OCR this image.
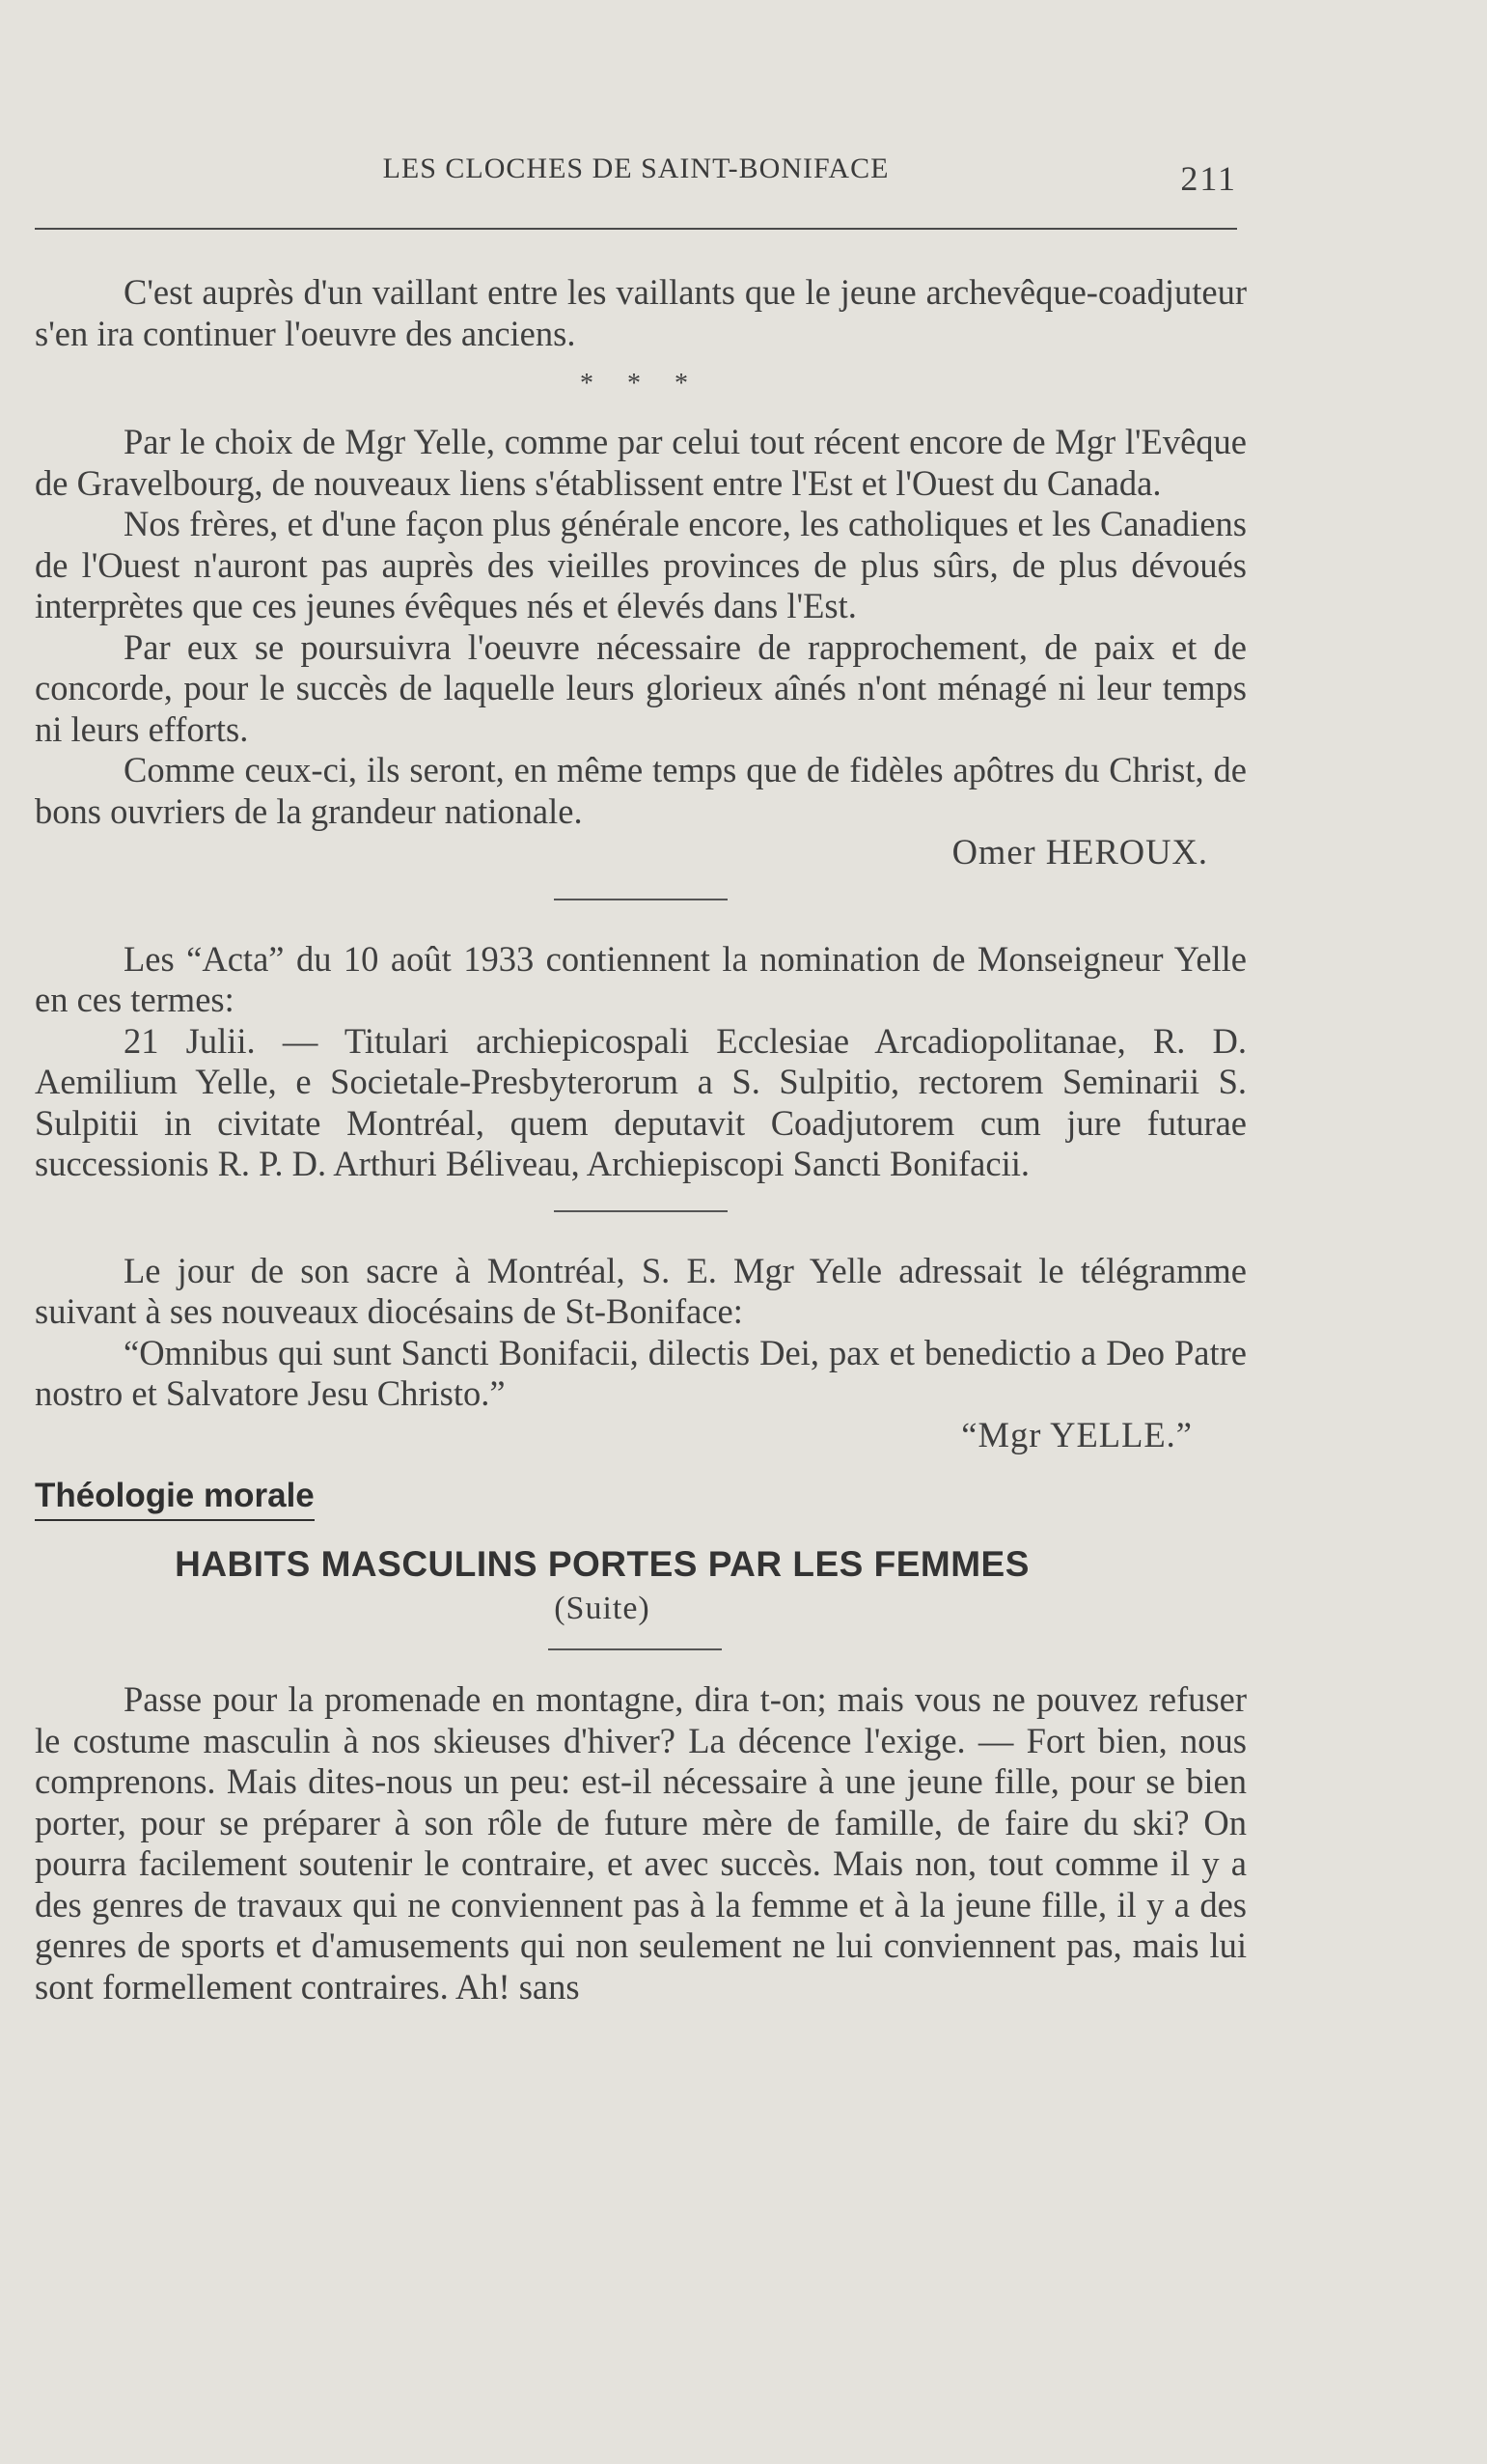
LES CLOCHES DE SAINT-BONIFACE	211

C'est auprès d'un vaillant entre les vaillants que le jeune archevêque-coadjuteur s'en ira continuer l'oeuvre des anciens.

* * *

Par le choix de Mgr Yelle, comme par celui tout récent encore de Mgr l'Evêque de Gravelbourg, de nouveaux liens s'établissent entre l'Est et l'Ouest du Canada.

Nos frères, et d'une façon plus générale encore, les catholiques et les Canadiens de l'Ouest n'auront pas auprès des vieilles provinces de plus sûrs, de plus dévoués interprètes que ces jeunes évêques nés et élevés dans l'Est.

Par eux se poursuivra l'oeuvre nécessaire de rapprochement, de paix et de concorde, pour le succès de laquelle leurs glorieux aînés n'ont ménagé ni leur temps ni leurs efforts.

Comme ceux-ci, ils seront, en même temps que de fidèles apôtres du Christ, de bons ouvriers de la grandeur nationale.

Omer HEROUX.

Les “Acta” du 10 août 1933 contiennent la nomination de Monseigneur Yelle en ces termes:

21 Julii. — Titulari archiepicospali Ecclesiae Arcadiopolitanae, R. D. Aemilium Yelle, e Societale-Presbyterorum a S. Sulpitio, rectorem Seminarii S. Sulpitii in civitate Montréal, quem deputavit Coadjutorem cum jure futurae successionis R. P. D. Arthuri Béliveau, Archiepiscopi Sancti Bonifacii.

Le jour de son sacre à Montréal, S. E. Mgr Yelle adressait le télégramme suivant à ses nouveaux diocésains de St-Boniface:

“Omnibus qui sunt Sancti Bonifacii, dilectis Dei, pax et benedictio a Deo Patre nostro et Salvatore Jesu Christo.”

“Mgr YELLE.”

Théologie morale
HABITS MASCULINS PORTES PAR LES FEMMES
(Suite)

Passe pour la promenade en montagne, dira t-on; mais vous ne pouvez refuser le costume masculin à nos skieuses d'hiver? La décence l'exige. — Fort bien, nous comprenons. Mais dites-nous un peu: est-il nécessaire à une jeune fille, pour se bien porter, pour se préparer à son rôle de future mère de famille, de faire du ski? On pourra facilement soutenir le contraire, et avec succès. Mais non, tout comme il y a des genres de travaux qui ne conviennent pas à la femme et à la jeune fille, il y a des genres de sports et d'amusements qui non seulement ne lui conviennent pas, mais lui sont formellement contraires. Ah! sans
